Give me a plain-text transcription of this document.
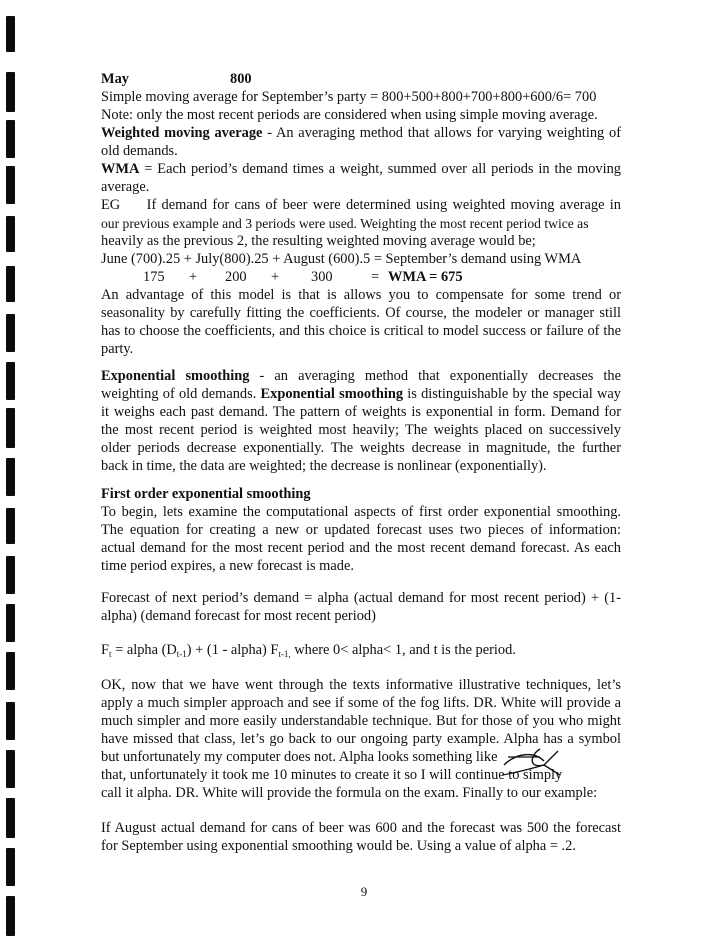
May	800
Simple moving average for September’s party = 800+500+800+700+800+600/6= 700
Note: only the most recent periods are considered when using simple moving average.
Weighted moving average - An averaging method that allows for varying weighting of
old demands.
WMA = Each period’s demand times a weight, summed over all periods in the moving
average.
EG     If demand for cans of beer were determined using weighted moving average in
our previous example and 3 periods were used. Weighting the most recent period twice as
heavily as the previous 2, the resulting weighted moving average would be;
June (700).25 + July(800).25 + August (600).5 = September’s demand using WMA
175 + 200 + 300	= WMA = 675
An advantage of this model is that is allows you to compensate for some trend or
seasonality by carefully fitting the coefficients. Of course, the modeler or manager still
has to choose the coefficients, and this choice is critical to model success or failure of the
party.
Exponential smoothing - an averaging method that exponentially decreases the
weighting of old demands. Exponential smoothing is distinguishable by the special way
it weighs each past demand. The pattern of weights is exponential in form. Demand for
the most recent period is weighted most heavily; The weights placed on successively
older periods decrease exponentially. The weights decrease in magnitude, the further
back in time, the data are weighted; the decrease is nonlinear (exponentially).
First order exponential smoothing
To begin, lets examine the computational aspects of first order exponential smoothing.
The equation for creating a new or updated forecast uses two pieces of information:
actual demand for the most recent period and the most recent demand forecast. As each
time period expires, a new forecast is made.
Forecast of next period’s demand = alpha (actual demand for most recent period) + (1-
alpha) (demand forecast for most recent period)
$F_t$ = alpha $(D_{t-1}) + (1$ - alpha) $F_{t-1,}$ where 0< alpha< 1, and t is the period.
OK, now that we have went through the texts informative illustrative techniques, let’s
apply a much simpler approach and see if some of the fog lifts. DR. White will provide a
much simpler and more easily understandable technique. But for those of you who might
have missed that class, let’s go back to our ongoing party example. Alpha has a symbol
but unfortunately my computer does not. Alpha looks something like
that, unfortunately it took me 10 minutes to create it so I will continue to simply
call it alpha. DR. White will provide the formula on the exam. Finally to our example:
If August actual demand for cans of beer was 600 and the forecast was 500 the forecast
for September using exponential smoothing would be. Using a value of alpha = .2.
9
